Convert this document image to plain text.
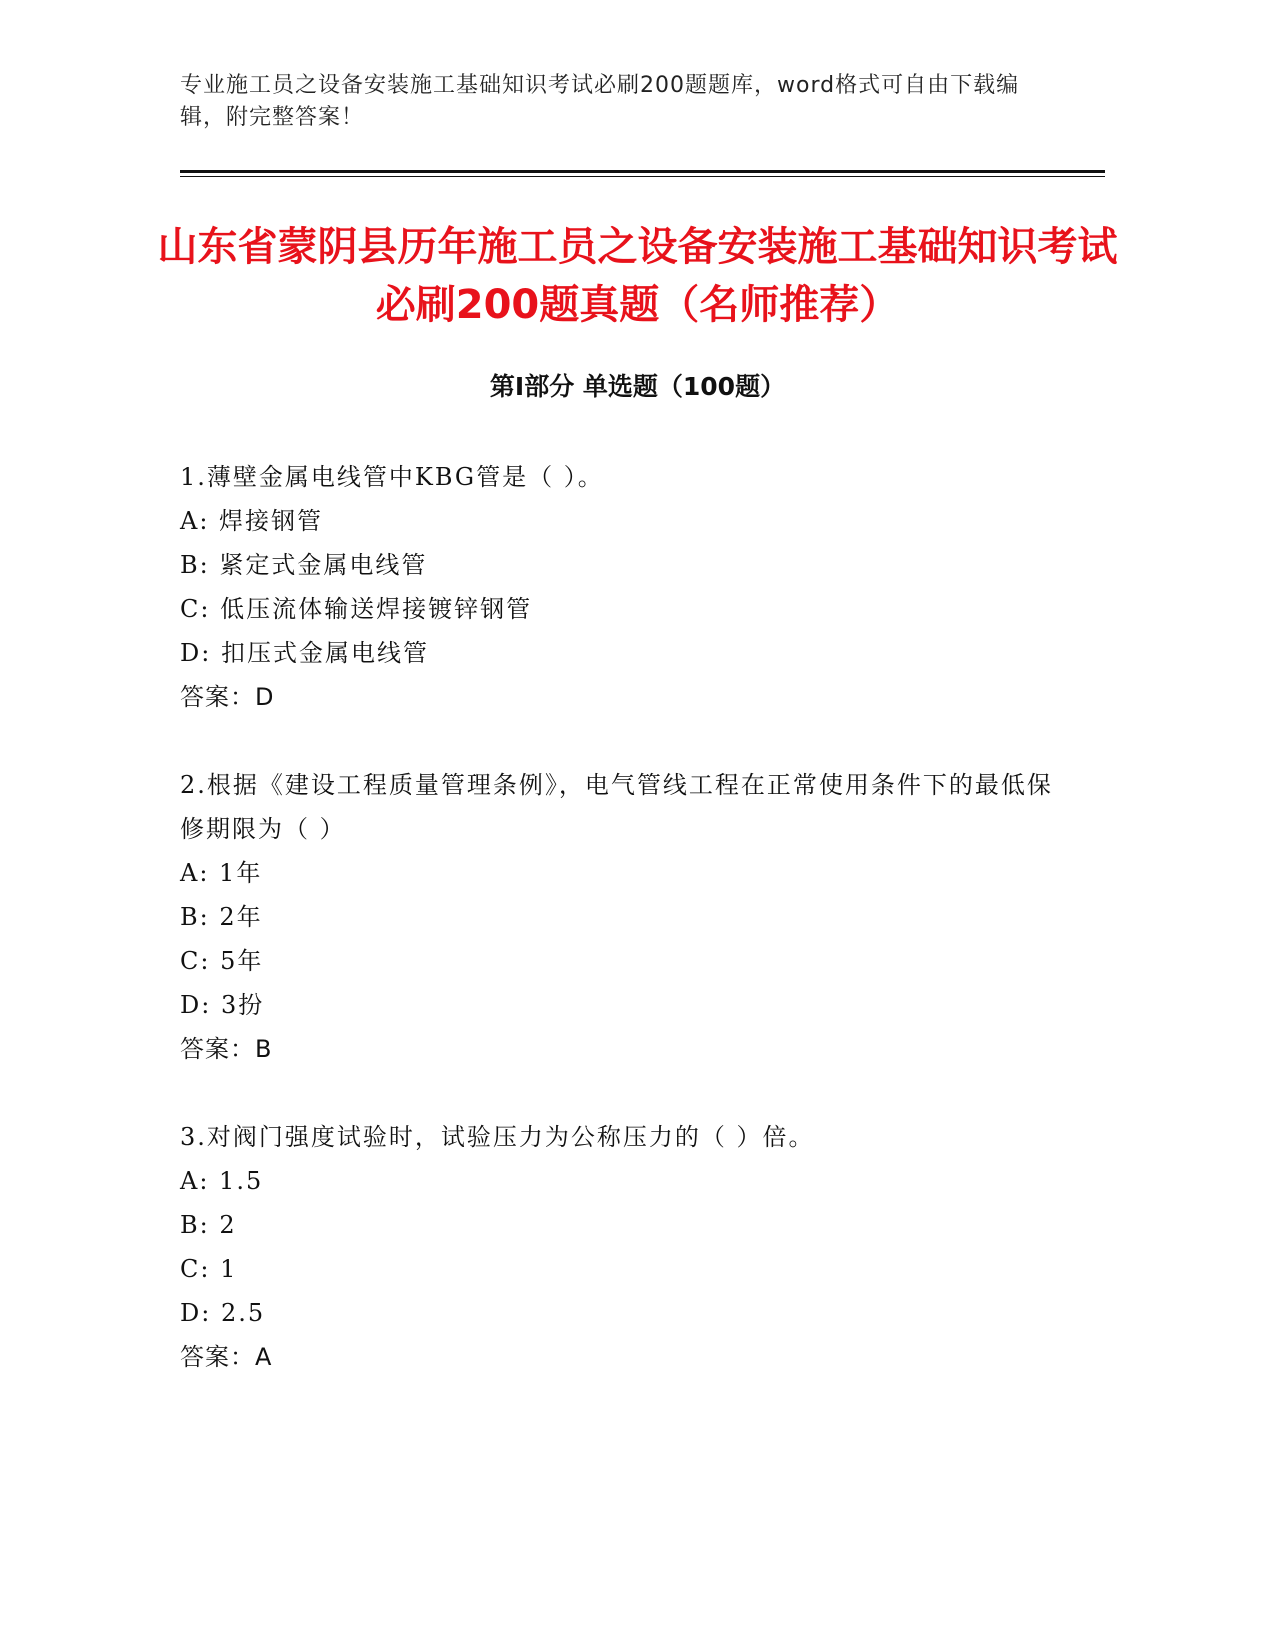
专业施工员之设备安装施工基础知识考试必刷200题题库，word格式可自由下载编辑，附完整答案！
山东省蒙阴县历年施工员之设备安装施工基础知识考试必刷200题真题（名师推荐）
第I部分 单选题（100题）
1.薄壁金属电线管中KBG管是（ ）。
A: 焊接钢管
B: 紧定式金属电线管
C: 低压流体输送焊接镀锌钢管
D: 扣压式金属电线管
答案：D
2.根据《建设工程质量管理条例》，电气管线工程在正常使用条件下的最低保修期限为（ ）
A: 1年
B: 2年
C: 5年
D: 3扮
答案：B
3.对阀门强度试验时，试验压力为公称压力的（ ）倍。
A: 1.5
B: 2
C: 1
D: 2.5
答案：A
